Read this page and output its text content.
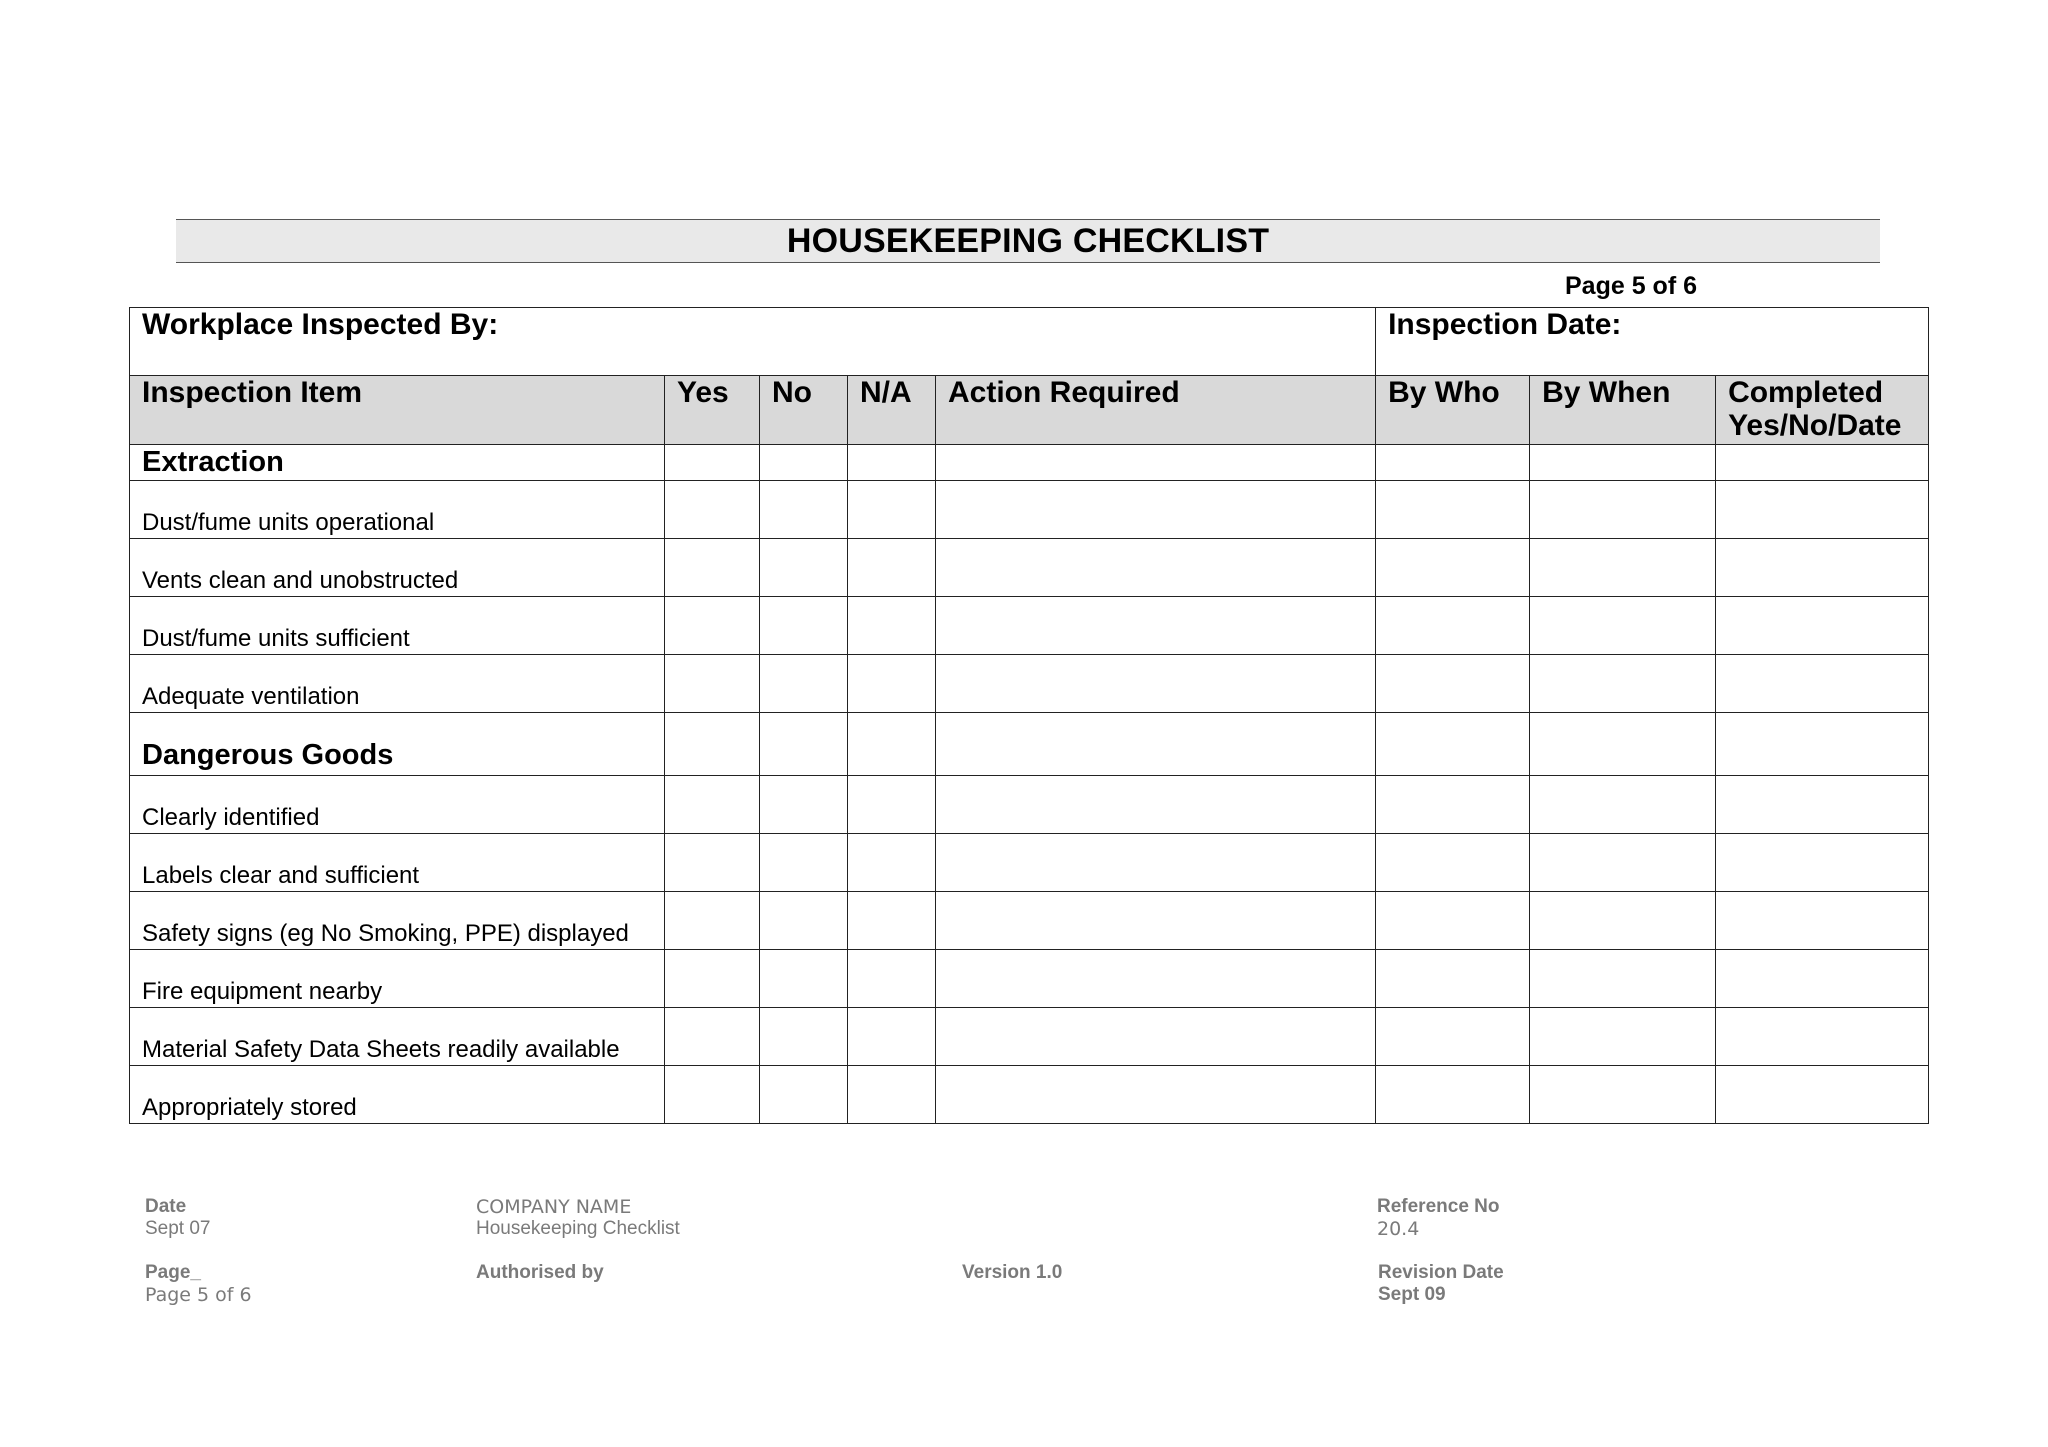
HOUSEKEEPING CHECKLIST
Page 5 of 6
Workplace Inspected By:					Inspection Date:		
Inspection Item	Yes	No	N/A	Action Required	By Who	By When	Completed Yes/No/Date
Extraction							
Dust/fume units operational							
Vents clean and unobstructed							
Dust/fume units sufficient							
Adequate ventilation							
Dangerous Goods							
Clearly identified							
Labels clear and sufficient							
Safety signs (eg No Smoking, PPE) displayed							
Fire equipment nearby							
Material Safety Data Sheets readily available							
Appropriately stored							
Date
Sept 07
COMPANY NAME
Housekeeping Checklist
Reference No
20.4
Page_
Page 5 of 6
Authorised by	Version 1.0	Revision Date
Sept 09
